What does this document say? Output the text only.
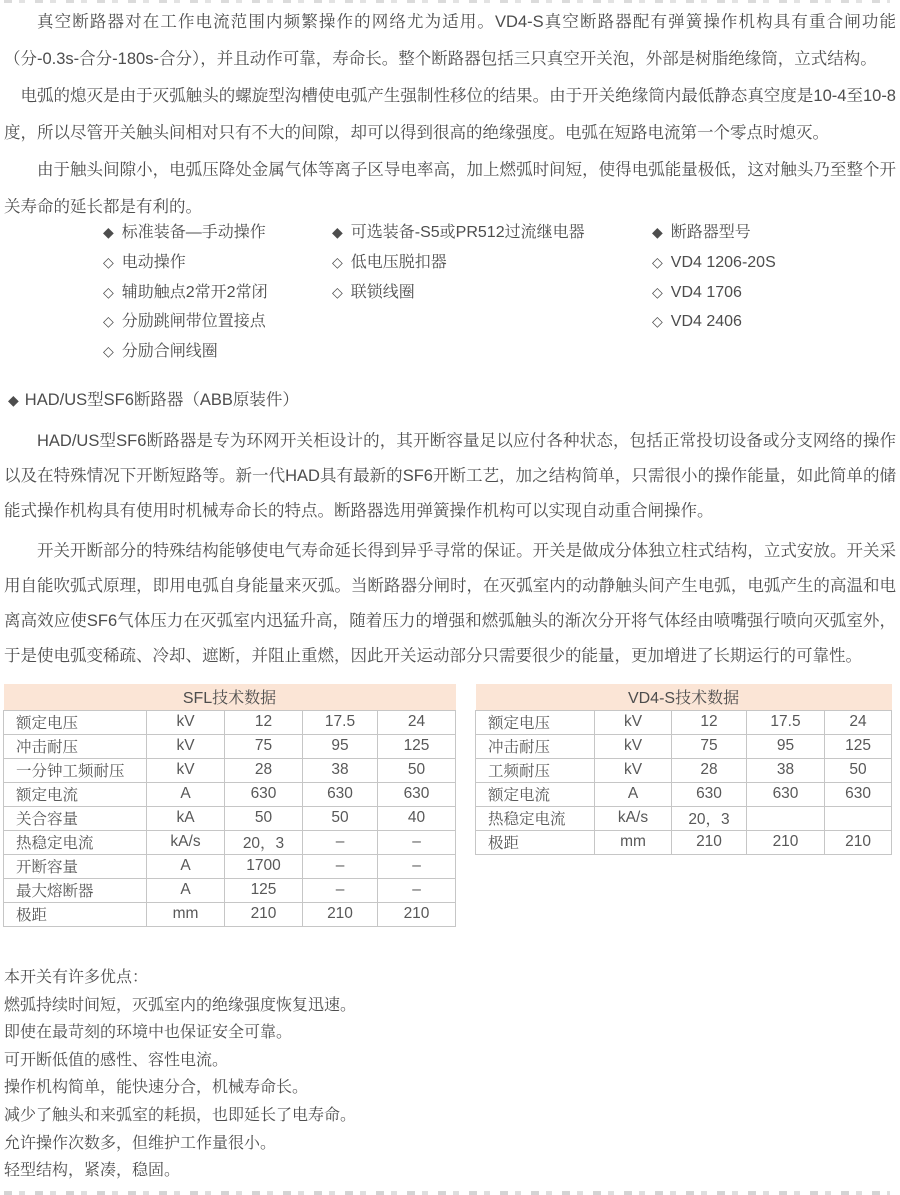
真空断路器对在工作电流范围内频繁操作的网络尤为适用。VD4-S真空断路器配有弹簧操作机构具有重合闸功能（分-0.3s-合分-180s-合分），并且动作可靠，寿命长。整个断路器包括三只真空开关泡，外部是树脂绝缘筒，立式结构。

电弧的熄灭是由于灭弧触头的螺旋型沟槽使电弧产生强制性移位的结果。由于开关绝缘筒内最低静态真空度是10-4至10-8度，所以尽管开关触头间相对只有不大的间隙，却可以得到很高的绝缘强度。电弧在短路电流第一个零点时熄灭。

由于触头间隙小，电弧压降处金属气体等离子区导电率高，加上燃弧时间短，使得电弧能量极低，这对触头乃至整个开关寿命的延长都是有利的。

◆ 标准装备—手动操作
◇ 电动操作
◇ 辅助触点2常开2常闭
◇ 分励跳闸带位置接点
◇ 分励合闸线圈
◆ 可选装备-S5或PR512过流继电器
◇ 低电压脱扣器
◇ 联锁线圈
◆ 断路器型号
◇ VD4 1206-20S
◇ VD4 1706
◇ VD4 2406
◆ HAD/US型SF6断路器（ABB原装件）

HAD/US型SF6断路器是专为环网开关柜设计的，其开断容量足以应付各种状态，包括正常投切设备或分支网络的操作以及在特殊情况下开断短路等。新一代HAD具有最新的SF6开断工艺，加之结构简单，只需很小的操作能量，如此简单的储能式操作机构具有使用时机械寿命长的特点。断路器选用弹簧操作机构可以实现自动重合闸操作。

开关开断部分的特殊结构能够使电气寿命延长得到异乎寻常的保证。开关是做成分体独立柱式结构，立式安放。开关采用自能吹弧式原理，即用电弧自身能量来灭弧。当断路器分闸时，在灭弧室内的动静触头间产生电弧，电弧产生的高温和电离高效应使SF6气体压力在灭弧室内迅猛升高，随着压力的增强和燃弧触头的渐次分开将气体经由喷嘴强行喷向灭弧室外，于是使电弧变稀疏、冷却、遮断，并阻止重燃，因此开关运动部分只需要很少的能量，更加增进了长期运行的可靠性。

SFL技术数据				
额定电压	kV	12	17.5	24
冲击耐压	kV	75	95	125
一分钟工频耐压	kV	28	38	50
额定电流	A	630	630	630
关合容量	kA	50	50	40
热稳定电流	kA/s	20，3	–	–
开断容量	A	1700	–	–
最大熔断器	A	125	–	–
极距	mm	210	210	210
VD4-S技术数据				
额定电压	kV	12	17.5	24
冲击耐压	kV	75	95	125
工频耐压	kV	28	38	50
额定电流	A	630	630	630
热稳定电流	kA/s	20，3		
极距	mm	210	210	210

本开关有许多优点：

燃弧持续时间短，灭弧室内的绝缘强度恢复迅速。
即使在最苛刻的环境中也保证安全可靠。
可开断低值的感性、容性电流。
操作机构简单，能快速分合，机械寿命长。
减少了触头和来弧室的耗损，也即延长了电寿命。
允许操作次数多，但维护工作量很小。
轻型结构，紧凑，稳固。
